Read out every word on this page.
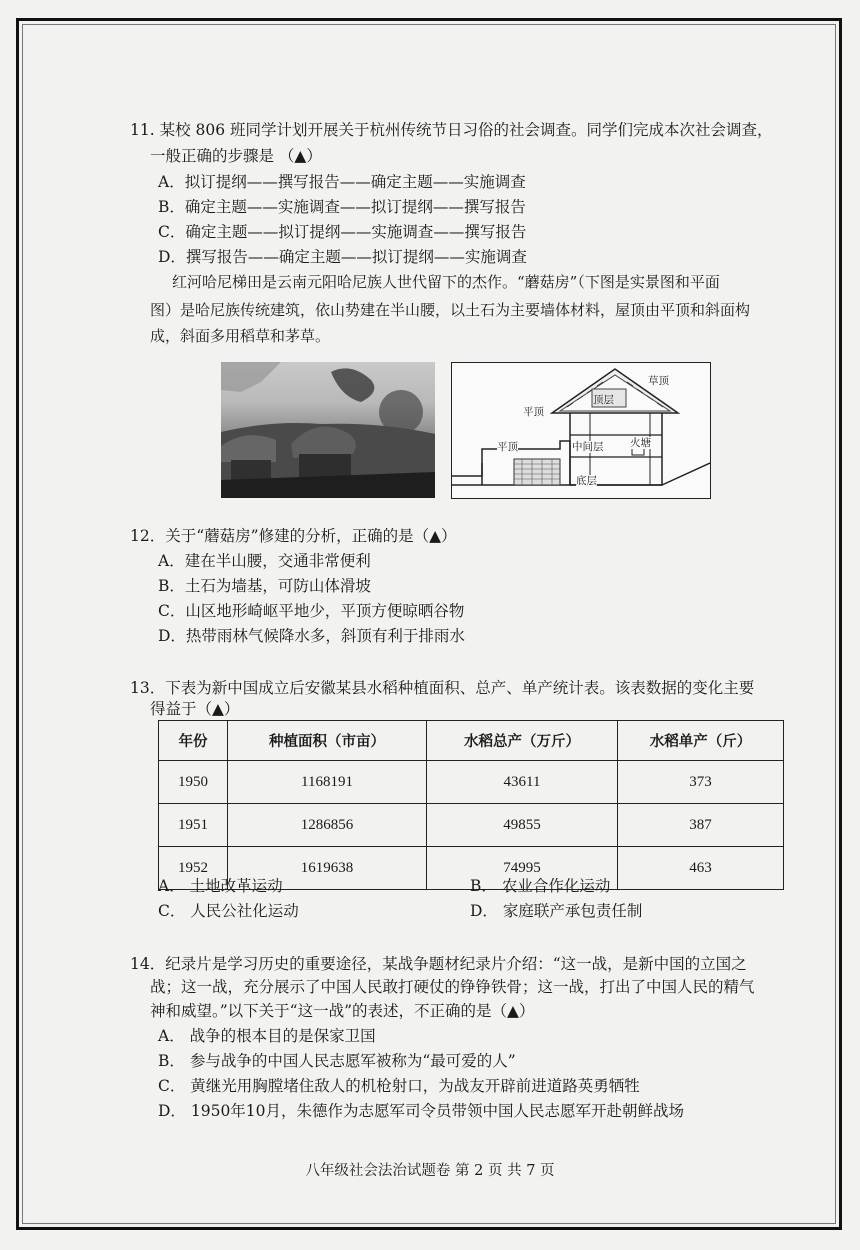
11. 某校 806 班同学计划开展关于杭州传统节日习俗的社会调查。同学们完成本次社会调查，
一般正确的步骤是 （▲）
A．拟订提纲——撰写报告——确定主题——实施调查
B．确定主题——实施调查——拟订提纲——撰写报告
C．确定主题——拟订提纲——实施调查——撰写报告
D．撰写报告——确定主题——拟订提纲——实施调查
红河哈尼梯田是云南元阳哈尼族人世代留下的杰作。“蘑菇房”（下图是实景图和平面
图）是哈尼族传统建筑，依山势建在半山腰，以土石为主要墙体材料，屋顶由平顶和斜面构
成，斜面多用稻草和茅草。
草顶
平顶
顶层
平顶	中间层	火塘
底层
12．关于“蘑菇房”修建的分析，正确的是（▲）
A．建在半山腰，交通非常便利
B．土石为墙基，可防山体滑坡
C．山区地形崎岖平地少，平顶方便晾晒谷物
D．热带雨林气候降水多，斜顶有利于排雨水
13．下表为新中国成立后安徽某县水稻种植面积、总产、单产统计表。该表数据的变化主要
得益于（▲）
年份	种植面积（市亩）	水稻总产（万斤）	水稻单产（斤）
1950	1168191	43611	373
1951	1286856	49855	387
1952	1619638	74995	463
A． 土地改革运动	B． 农业合作化运动
C． 人民公社化运动	D． 家庭联产承包责任制
14．纪录片是学习历史的重要途径，某战争题材纪录片介绍：“这一战，是新中国的立国之
战；这一战，充分展示了中国人民敢打硬仗的铮铮铁骨；这一战，打出了中国人民的精气
神和威望。”以下关于“这一战”的表述，不正确的是（▲）
A． 战争的根本目的是保家卫国
B． 参与战争的中国人民志愿军被称为“最可爱的人”
C． 黄继光用胸膛堵住敌人的机枪射口，为战友开辟前进道路英勇牺牲
D． 1950年10月，朱德作为志愿军司令员带领中国人民志愿军开赴朝鲜战场
八年级社会法治试题卷 第 2 页 共 7 页
